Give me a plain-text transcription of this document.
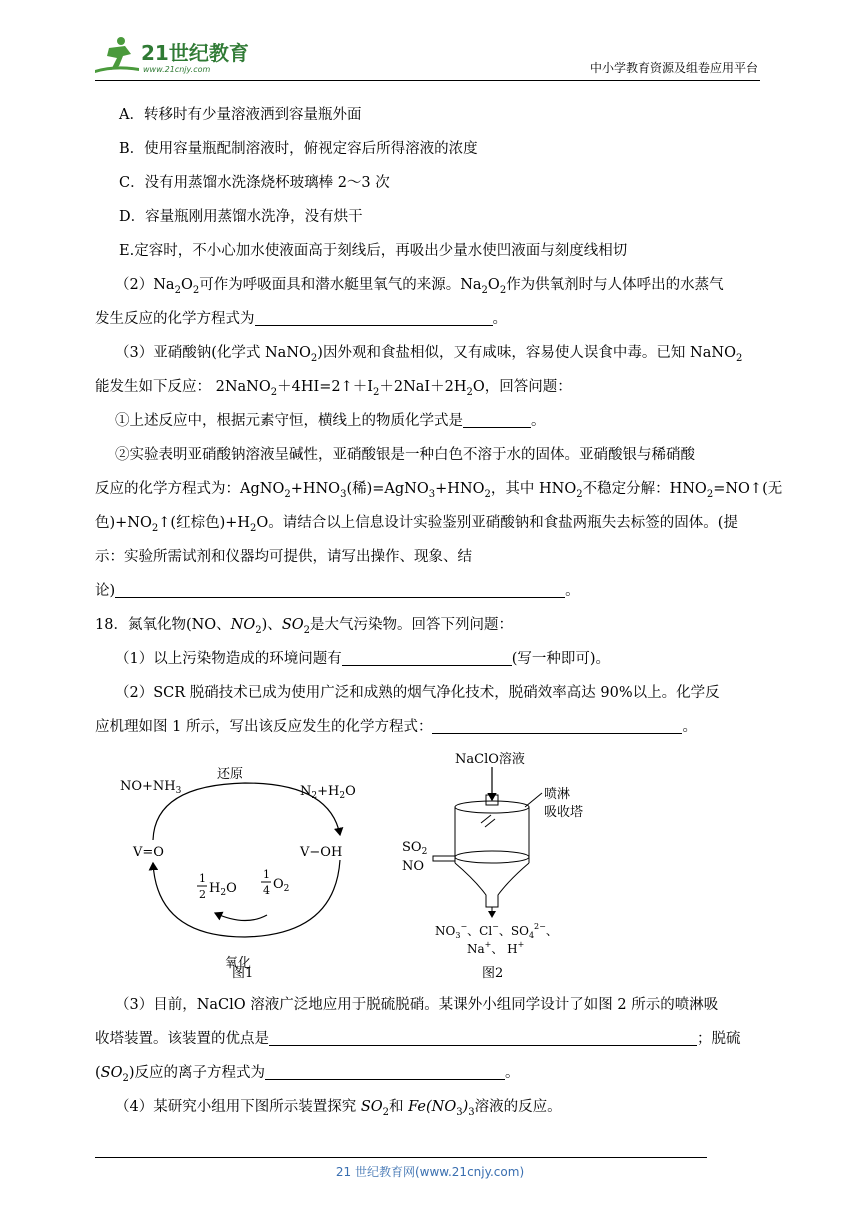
21世纪教育
www.21cnjy.com	中小学教育资源及组卷应用平台
A．转移时有少量溶液洒到容量瓶外面
B．使用容量瓶配制溶液时，俯视定容后所得溶液的浓度
C．没有用蒸馏水洗涤烧杯玻璃棒 2～3 次
D．容量瓶刚用蒸馏水洗净，没有烘干
E.定容时，不小心加水使液面高于刻线后，再吸出少量水使凹液面与刻度线相切
$(2)Na_2O_2$可作为呼吸面具和潜水艇里氧气的来源。$Na_2O_2$作为供氧剂时与人体呼出的水蒸气
发生反应的化学方程式为	。
（3）亚硝酸钠(化学式 NaNO$_2$)因外观和食盐相似，又有咸味，容易使人误食中毒。已知 NaNO$_2$
能发生如下反应： $2NaNO_2+4HI=2↑+I_2+2NaI+2H_2O$，回答问题：
①上述反应中，根据元素守恒，横线上的物质化学式是	。
②实验表明亚硝酸钠溶液呈碱性，亚硝酸银是一种白色不溶于水的固体。亚硝酸银与稀硝酸
反应的化学方程式为：$AgNO_2+HNO_3$(稀)$=AgNO_3+HNO_2$，其中 $HNO_2$不稳定分解：$HNO_2=NO↑$(无
色)$+NO_2↑$(红棕色)$+H_2O$。请结合以上信息设计实验鉴别亚硝酸钠和食盐两瓶失去标签的固体。(提
示：实验所需试剂和仪器均可提供，请写出操作、现象、结
论)	。
18．氮氧化物(NO、$NO_2$)、$SO_2$是大气污染物。回答下列问题：
（1）以上污染物造成的环境问题有	(写一种即可)。
（2）SCR 脱硝技术已成为使用广泛和成熟的烟气净化技术，脱硝效率高达 90%以上。化学反
应机理如图 1 所示，写出该反应发生的化学方程式：	。
还原
氧化
$NO+NH_3$	$N_2+H_2O$
V=O	V−OH
1
2 $H_2O$
1
4 $O_2$
图1
NaClO溶液
喷淋
吸收塔
$SO_2$
NO
$NO_3^-$、Cl−、$SO_4^{2-}$、
Na+、 H+
图2
（3）目前，NaClO 溶液广泛地应用于脱硫脱硝。某课外小组同学设计了如图 2 所示的喷淋吸
收塔装置。该装置的优点是	；脱硫
$(SO_2)$反应的离子方程式为	。
（4）某研究小组用下图所示装置探究 $SO_2$和 $Fe(NO_3)_3$溶液的反应。
21 世纪教育网(www.21cnjy.com)
